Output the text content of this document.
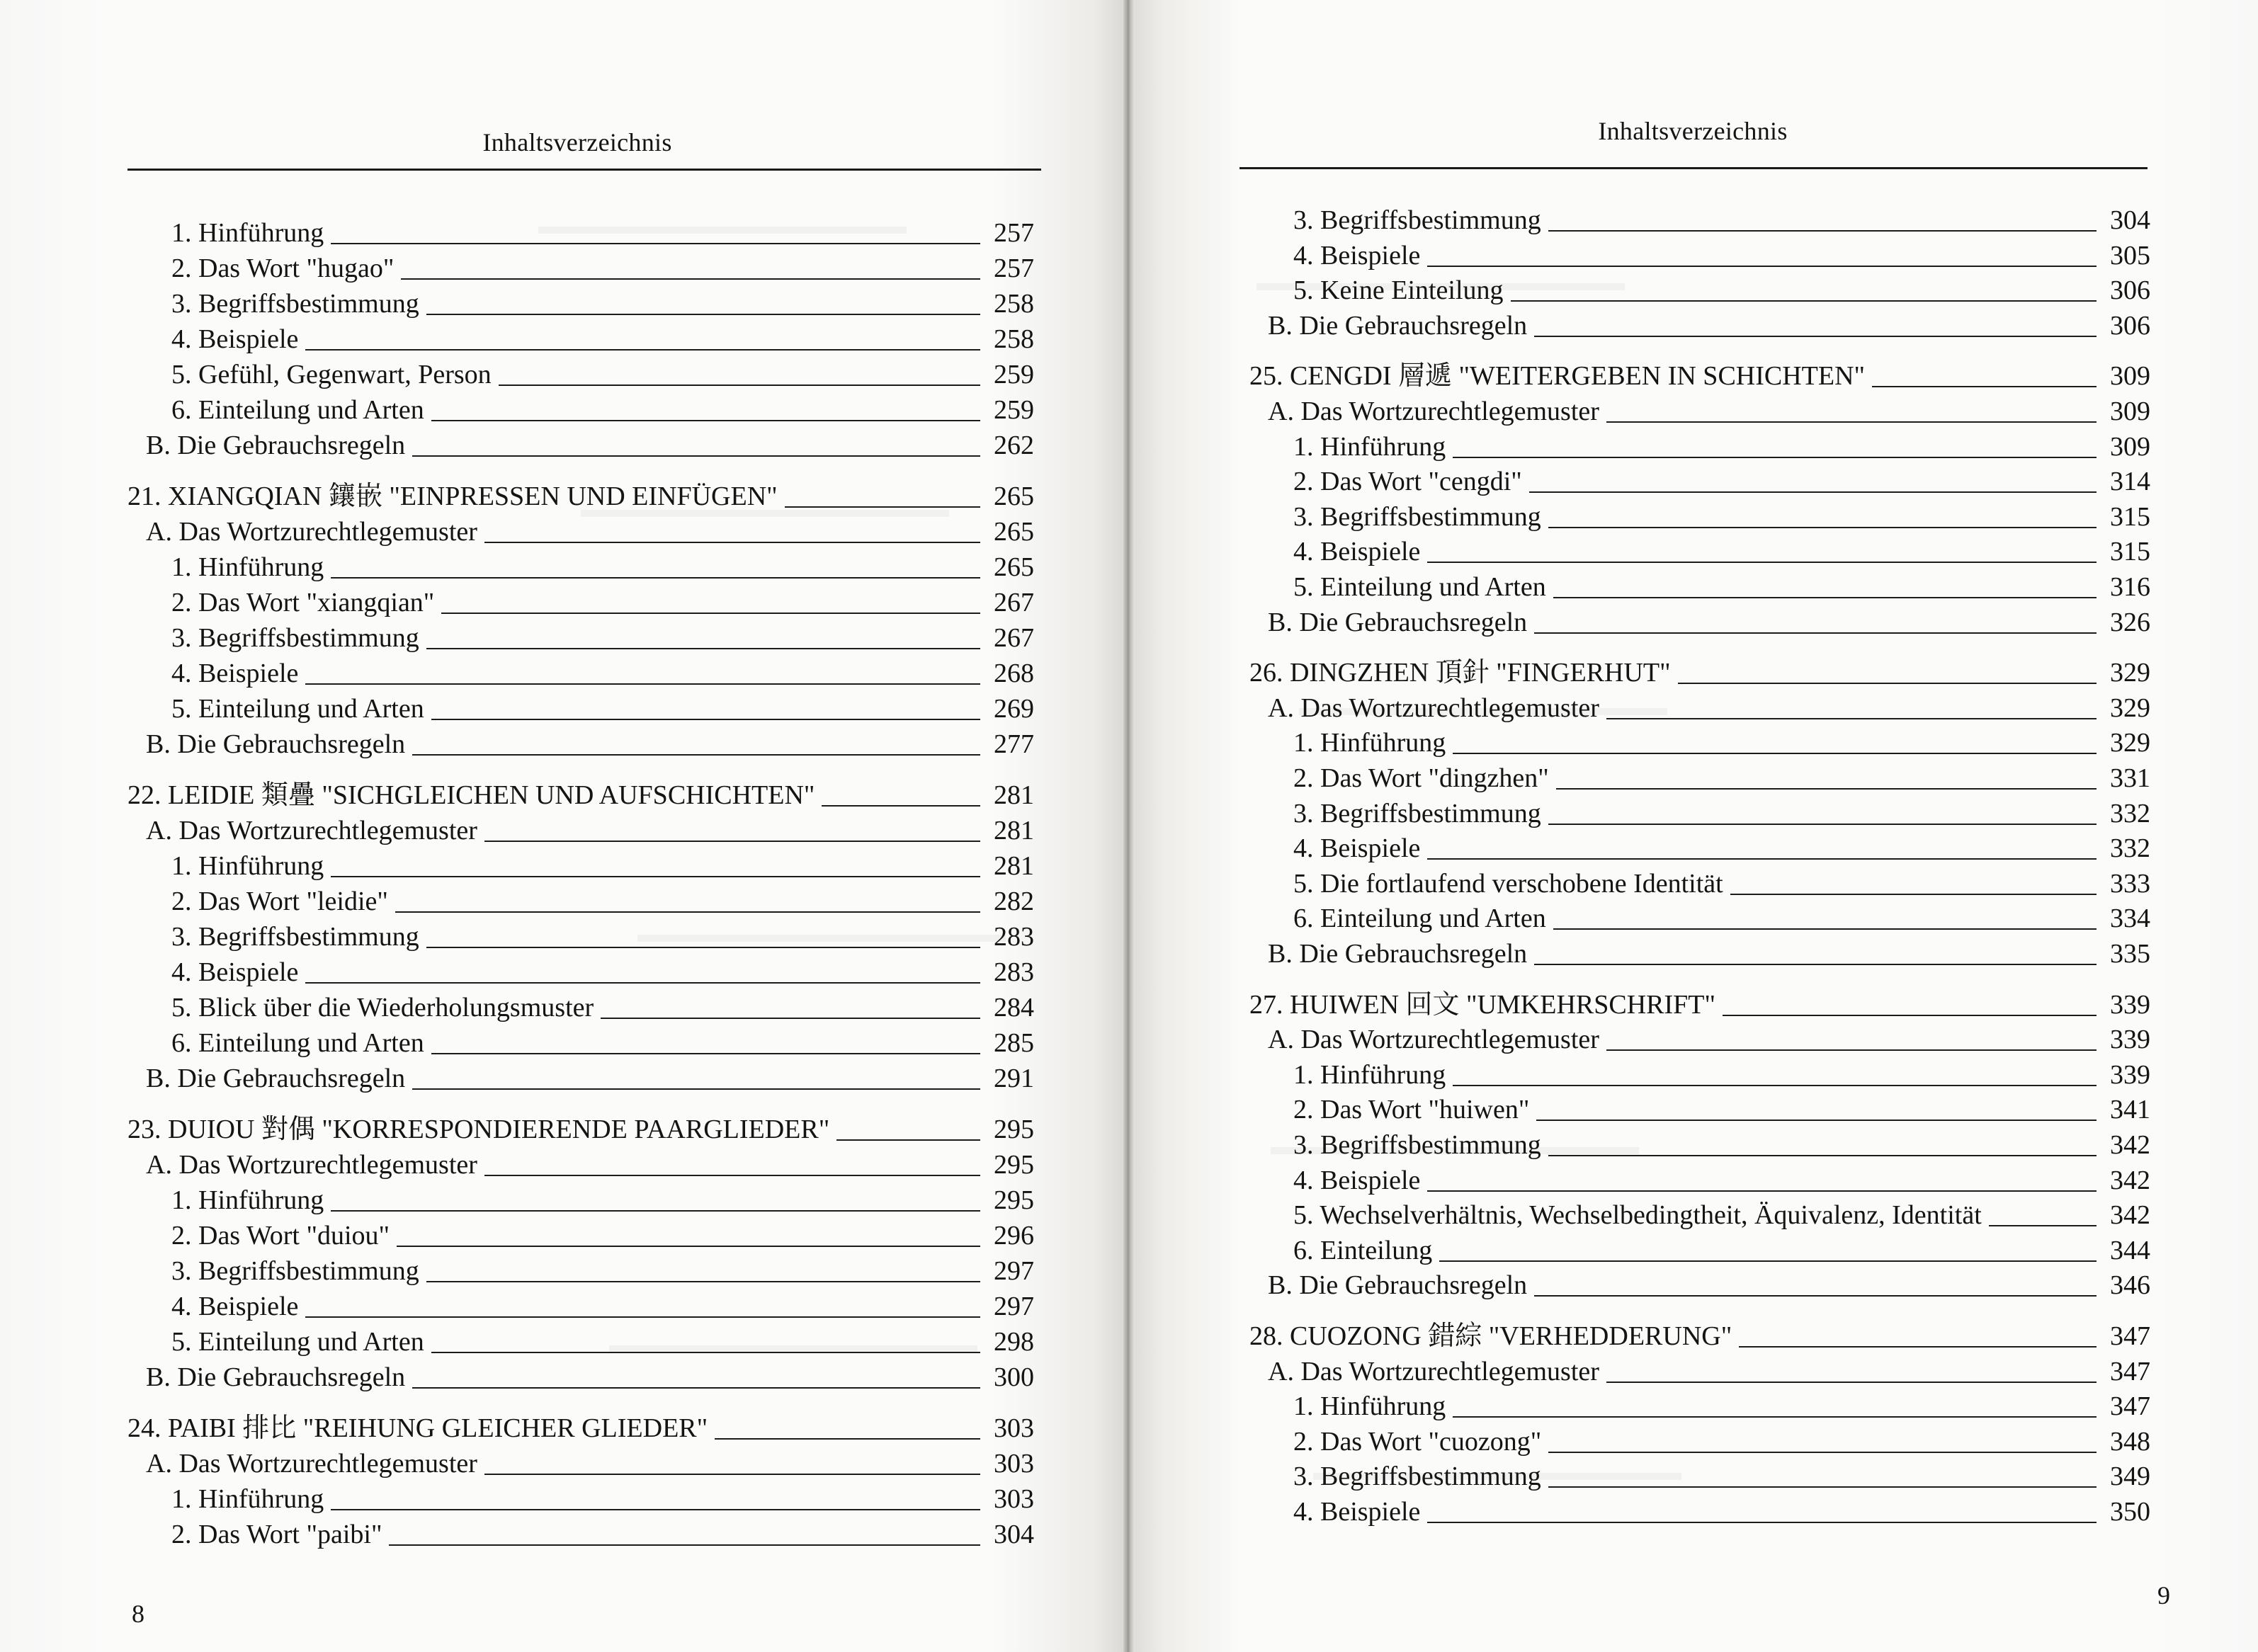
Inhaltsverzeichnis
1. Hinführung	257
2. Das Wort "hugao"	257
3. Begriffsbestimmung	258
4. Beispiele	258
5. Gefühl, Gegenwart, Person	259
6. Einteilung und Arten	259
B. Die Gebrauchsregeln	262
21. XIANGQIAN 鑲嵌 "EINPRESSEN UND EINFÜGEN"	265
A. Das Wortzurechtlegemuster	265
1. Hinführung	265
2. Das Wort "xiangqian"	267
3. Begriffsbestimmung	267
4. Beispiele	268
5. Einteilung und Arten	269
B. Die Gebrauchsregeln	277
22. LEIDIE 類疊 "SICHGLEICHEN UND AUFSCHICHTEN"	281
A. Das Wortzurechtlegemuster	281
1. Hinführung	281
2. Das Wort "leidie"	282
3. Begriffsbestimmung	283
4. Beispiele	283
5. Blick über die Wiederholungsmuster	284
6. Einteilung und Arten	285
B. Die Gebrauchsregeln	291
23. DUIOU 對偶 "KORRESPONDIERENDE PAARGLIEDER"	295
A. Das Wortzurechtlegemuster	295
1. Hinführung	295
2. Das Wort "duiou"	296
3. Begriffsbestimmung	297
4. Beispiele	297
5. Einteilung und Arten	298
B. Die Gebrauchsregeln	300
24. PAIBI 排比 "REIHUNG GLEICHER GLIEDER"	303
A. Das Wortzurechtlegemuster	303
1. Hinführung	303
2. Das Wort "paibi"	304
8
Inhaltsverzeichnis
3. Begriffsbestimmung	304
4. Beispiele	305
5. Keine Einteilung	306
B. Die Gebrauchsregeln	306
25. CENGDI 層遞 "WEITERGEBEN IN SCHICHTEN"	309
A. Das Wortzurechtlegemuster	309
1. Hinführung	309
2. Das Wort "cengdi"	314
3. Begriffsbestimmung	315
4. Beispiele	315
5. Einteilung und Arten	316
B. Die Gebrauchsregeln	326
26. DINGZHEN 頂針 "FINGERHUT"	329
A. Das Wortzurechtlegemuster	329
1. Hinführung	329
2. Das Wort "dingzhen"	331
3. Begriffsbestimmung	332
4. Beispiele	332
5. Die fortlaufend verschobene Identität	333
6. Einteilung und Arten	334
B. Die Gebrauchsregeln	335
27. HUIWEN 回文 "UMKEHRSCHRIFT"	339
A. Das Wortzurechtlegemuster	339
1. Hinführung	339
2. Das Wort "huiwen"	341
3. Begriffsbestimmung	342
4. Beispiele	342
5. Wechselverhältnis, Wechselbedingtheit, Äquivalenz, Identität	342
6. Einteilung	344
B. Die Gebrauchsregeln	346
28. CUOZONG 錯綜 "VERHEDDERUNG"	347
A. Das Wortzurechtlegemuster	347
1. Hinführung	347
2. Das Wort "cuozong"	348
3. Begriffsbestimmung	349
4. Beispiele	350
9
